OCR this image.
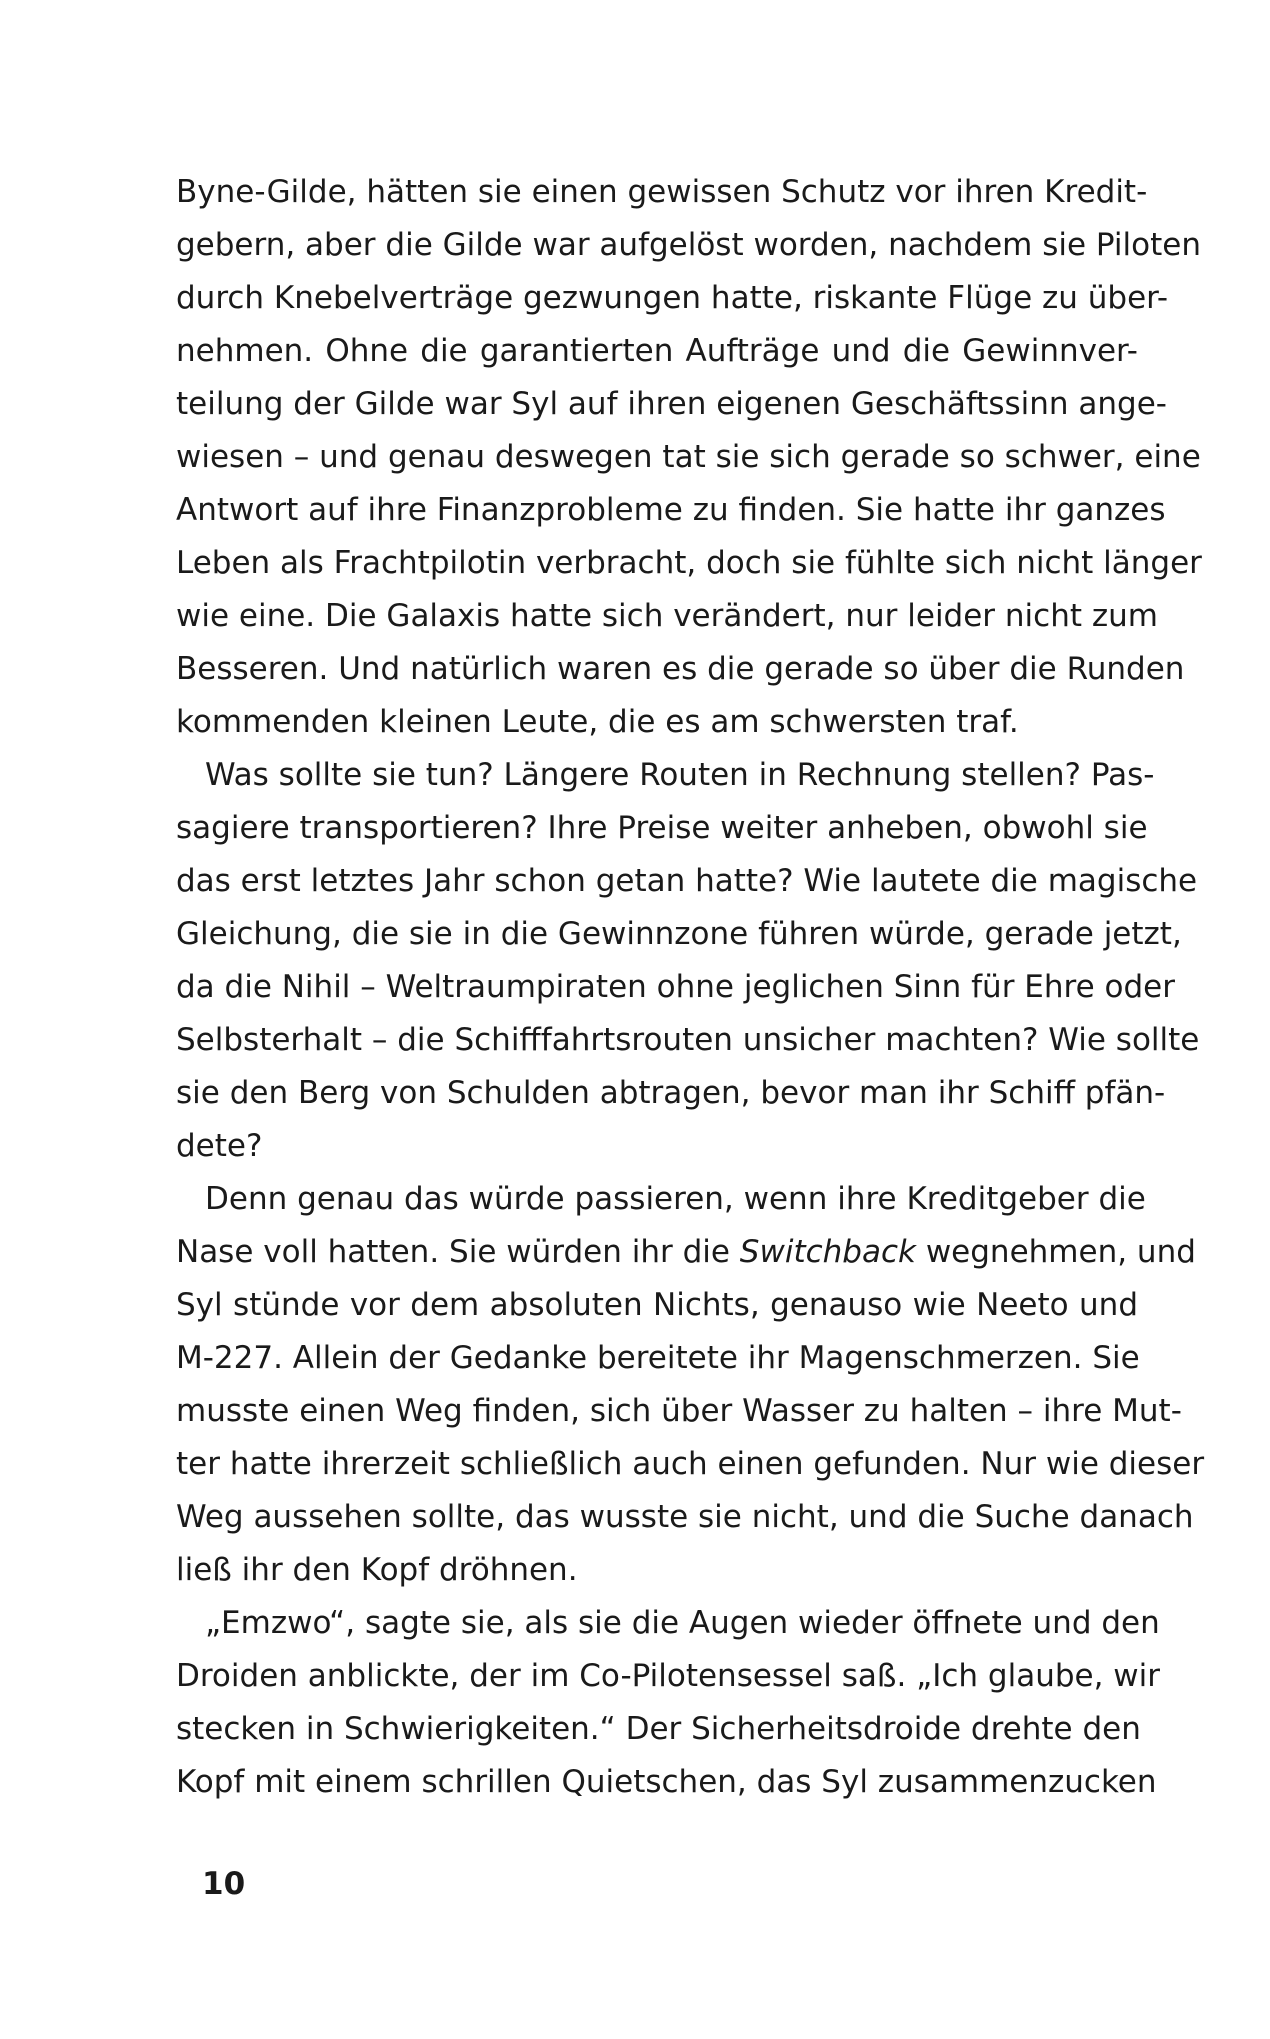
Byne-Gilde, hätten sie einen gewissen Schutz vor ihren Kredit-
gebern, aber die Gilde war aufgelöst worden, nachdem sie Piloten
durch Knebelverträge gezwungen hatte, riskante Flüge zu über-
nehmen. Ohne die garantierten Aufträge und die Gewinnver-
teilung der Gilde war Syl auf ihren eigenen Geschäftssinn ange-
wiesen – und genau deswegen tat sie sich gerade so schwer, eine
Antwort auf ihre Finanzprobleme zu finden. Sie hatte ihr ganzes
Leben als Frachtpilotin verbracht, doch sie fühlte sich nicht länger
wie eine. Die Galaxis hatte sich verändert, nur leider nicht zum
Besseren. Und natürlich waren es die gerade so über die Runden
kommenden kleinen Leute, die es am schwersten traf.
Was sollte sie tun? Längere Routen in Rechnung stellen? Pas-
sagiere transportieren? Ihre Preise weiter anheben, obwohl sie
das erst letztes Jahr schon getan hatte? Wie lautete die magische
Gleichung, die sie in die Gewinnzone führen würde, gerade jetzt,
da die Nihil – Weltraumpiraten ohne jeglichen Sinn für Ehre oder
Selbsterhalt – die Schifffahrtsrouten unsicher machten? Wie sollte
sie den Berg von Schulden abtragen, bevor man ihr Schiff pfän-
dete?
Denn genau das würde passieren, wenn ihre Kreditgeber die
Nase voll hatten. Sie würden ihr die Switchback wegnehmen, und
Syl stünde vor dem absoluten Nichts, genauso wie Neeto und
M-227. Allein der Gedanke bereitete ihr Magenschmerzen. Sie
musste einen Weg finden, sich über Wasser zu halten – ihre Mut-
ter hatte ihrerzeit schließlich auch einen gefunden. Nur wie dieser
Weg aussehen sollte, das wusste sie nicht, und die Suche danach
ließ ihr den Kopf dröhnen.
„Emzwo“, sagte sie, als sie die Augen wieder öffnete und den
Droiden anblickte, der im Co-Pilotensessel saß. „Ich glaube, wir
stecken in Schwierigkeiten.“ Der Sicherheitsdroide drehte den
Kopf mit einem schrillen Quietschen, das Syl zusammenzucken
10
